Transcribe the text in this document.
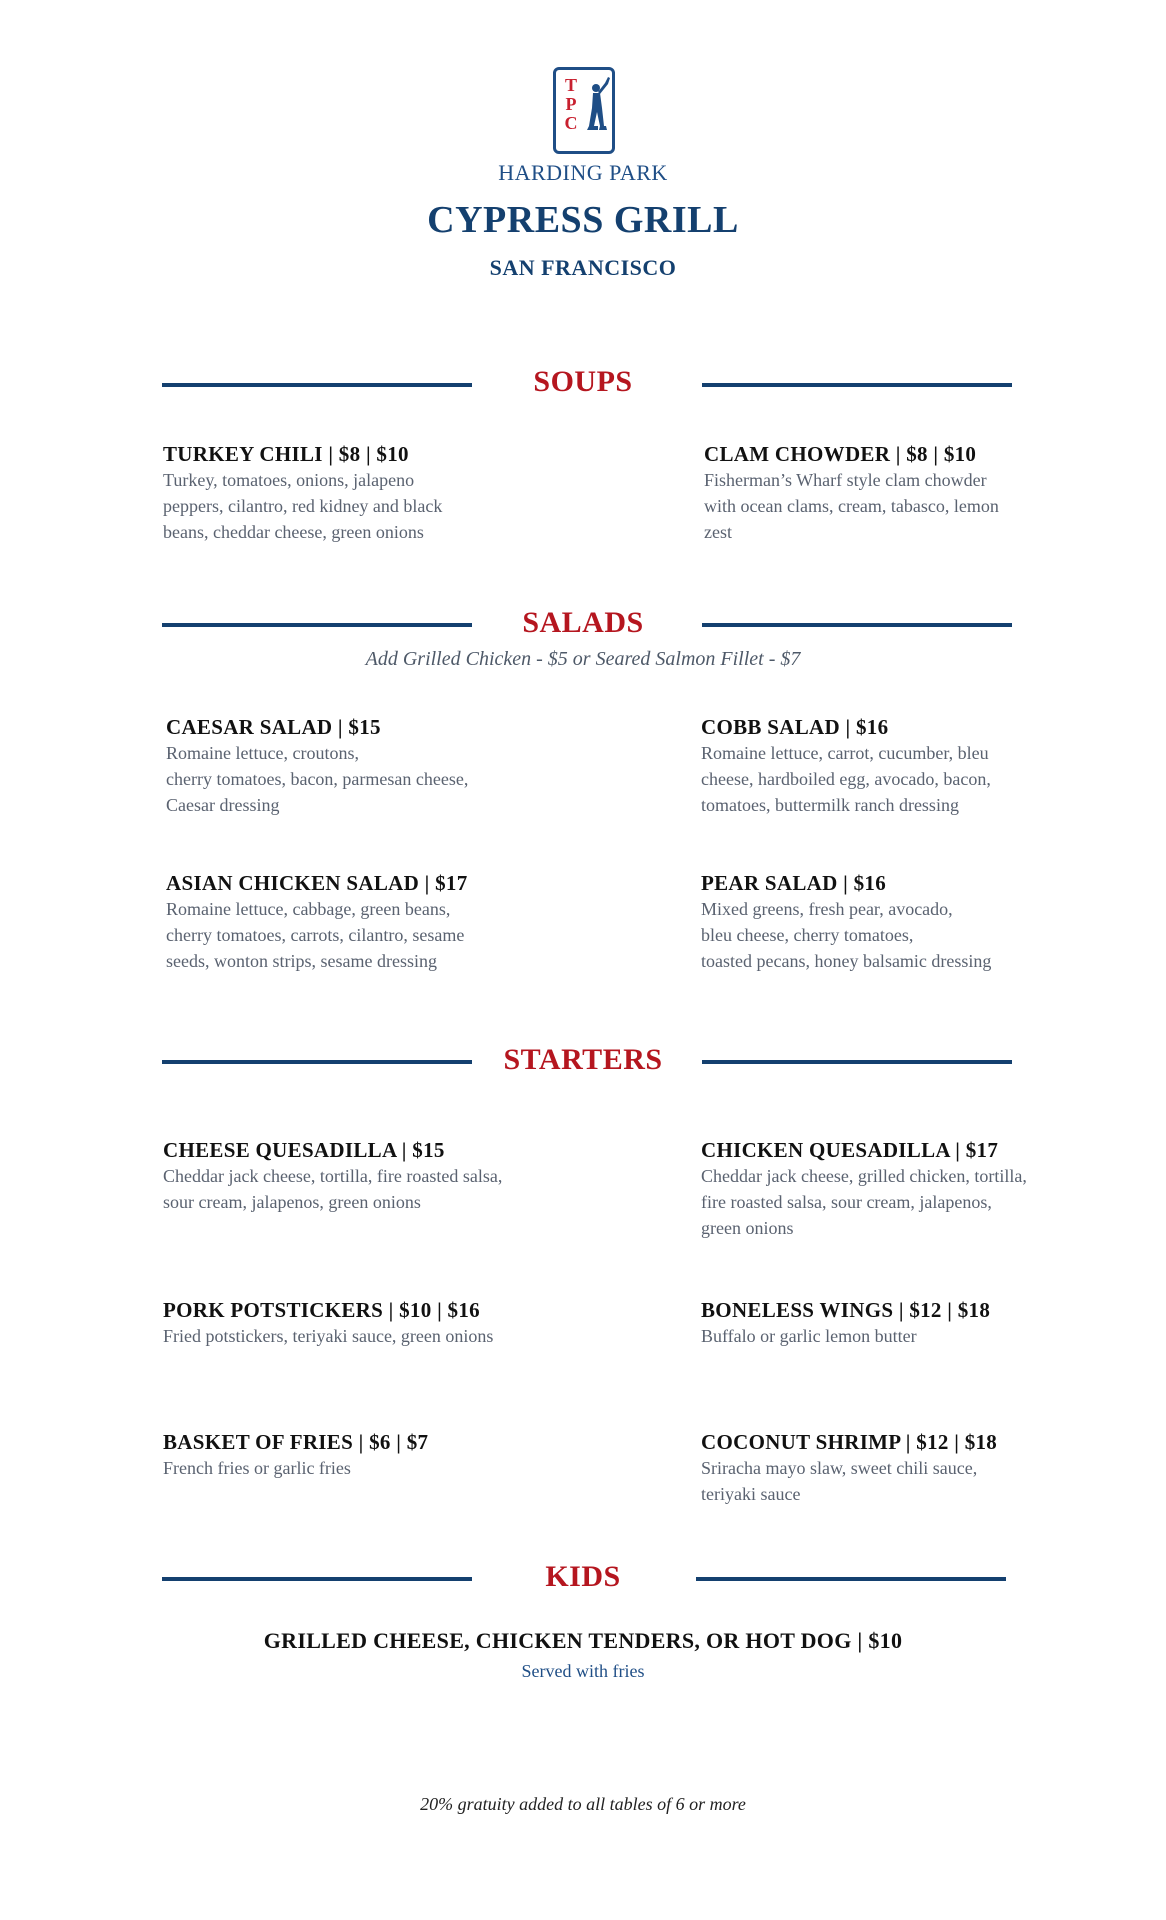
T
P
C
HARDING PARK
CYPRESS GRILL
SAN FRANCISCO
SOUPS
TURKEY CHILI | $8 | $10
Turkey, tomatoes, onions, jalapeno
peppers, cilantro, red kidney and black
beans, cheddar cheese, green onions
CLAM CHOWDER | $8 | $10
Fisherman’s Wharf style clam chowder
with ocean clams, cream, tabasco, lemon
zest
SALADS
Add Grilled Chicken - $5 or Seared Salmon Fillet - $7
CAESAR SALAD | $15
Romaine lettuce, croutons,
cherry tomatoes, bacon, parmesan cheese,
Caesar dressing
COBB SALAD | $16
Romaine lettuce, carrot, cucumber, bleu
cheese, hardboiled egg, avocado, bacon,
tomatoes, buttermilk ranch dressing
ASIAN CHICKEN SALAD | $17
Romaine lettuce, cabbage, green beans,
cherry tomatoes, carrots, cilantro, sesame
seeds, wonton strips, sesame dressing
PEAR SALAD | $16
Mixed greens, fresh pear, avocado,
bleu cheese, cherry tomatoes,
toasted pecans, honey balsamic dressing
STARTERS
CHEESE QUESADILLA | $15
Cheddar jack cheese, tortilla, fire roasted salsa,
sour cream, jalapenos, green onions
CHICKEN QUESADILLA | $17
Cheddar jack cheese, grilled chicken, tortilla,
fire roasted salsa, sour cream, jalapenos,
green onions
PORK POTSTICKERS | $10 | $16
Fried potstickers, teriyaki sauce, green onions
BONELESS WINGS | $12 | $18
Buffalo or garlic lemon butter
BASKET OF FRIES | $6 | $7
French fries or garlic fries
COCONUT SHRIMP | $12 | $18
Sriracha mayo slaw, sweet chili sauce,
teriyaki sauce
KIDS
GRILLED CHEESE, CHICKEN TENDERS, OR HOT DOG | $10
Served with fries
20% gratuity added to all tables of 6 or more
